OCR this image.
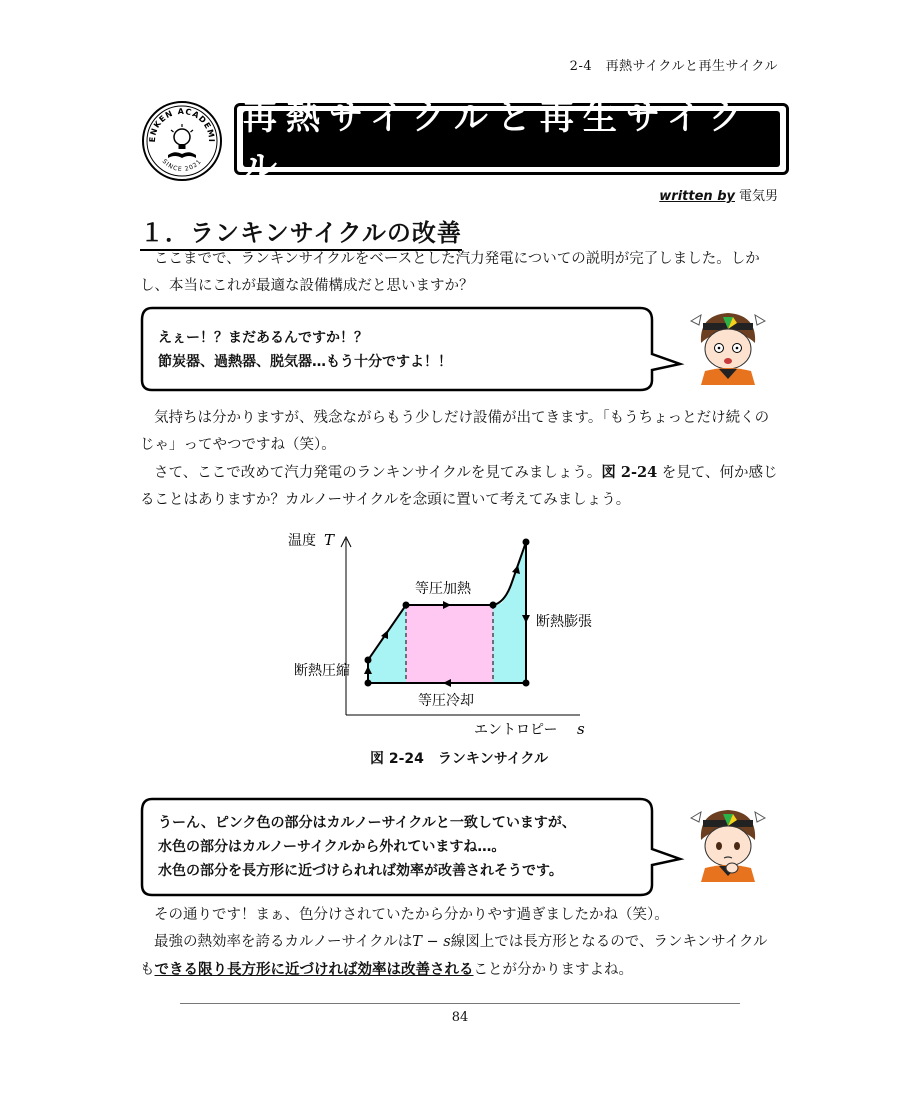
2-4　再熱サイクルと再生サイクル
ENKEN ACADEMI
SINCE 2021
再熱サイクルと再生サイクル
written by 電気男
１．ランキンサイクルの改善
ここまでで、ランキンサイクルをベースとした汽力発電についての説明が完了しました。しかし、本当にこれが最適な設備構成だと思いますか？
えぇー！？まだあるんですか！？
節炭器、過熱器、脱気器…もう十分ですよ！！
気持ちは分かりますが、残念ながらもう少しだけ設備が出てきます。「もうちょっとだけ続くのじゃ」ってやつですね（笑）。
さて、ここで改めて汽力発電のランキンサイクルを見てみましょう。図 2-24 を見て、何か感じることはありますか？カルノーサイクルを念頭に置いて考えてみましょう。
温度 T
等圧加熱
断熱膨張
断熱圧縮
等圧冷却
エントロピー s
図 2-24　 ランキンサイクル
うーん、ピンク色の部分はカルノーサイクルと一致していますが、
水色の部分はカルノーサイクルから外れていますね…。
水色の部分を長方形に近づけられれば効率が改善されそうです。
その通りです！まぁ、色分けされていたから分かりやす過ぎましたかね（笑）。
最強の熱効率を誇るカルノーサイクルはT − s線図上では長方形となるので、ランキンサイクルもできる限り長方形に近づければ効率は改善されることが分かりますよね。
84
